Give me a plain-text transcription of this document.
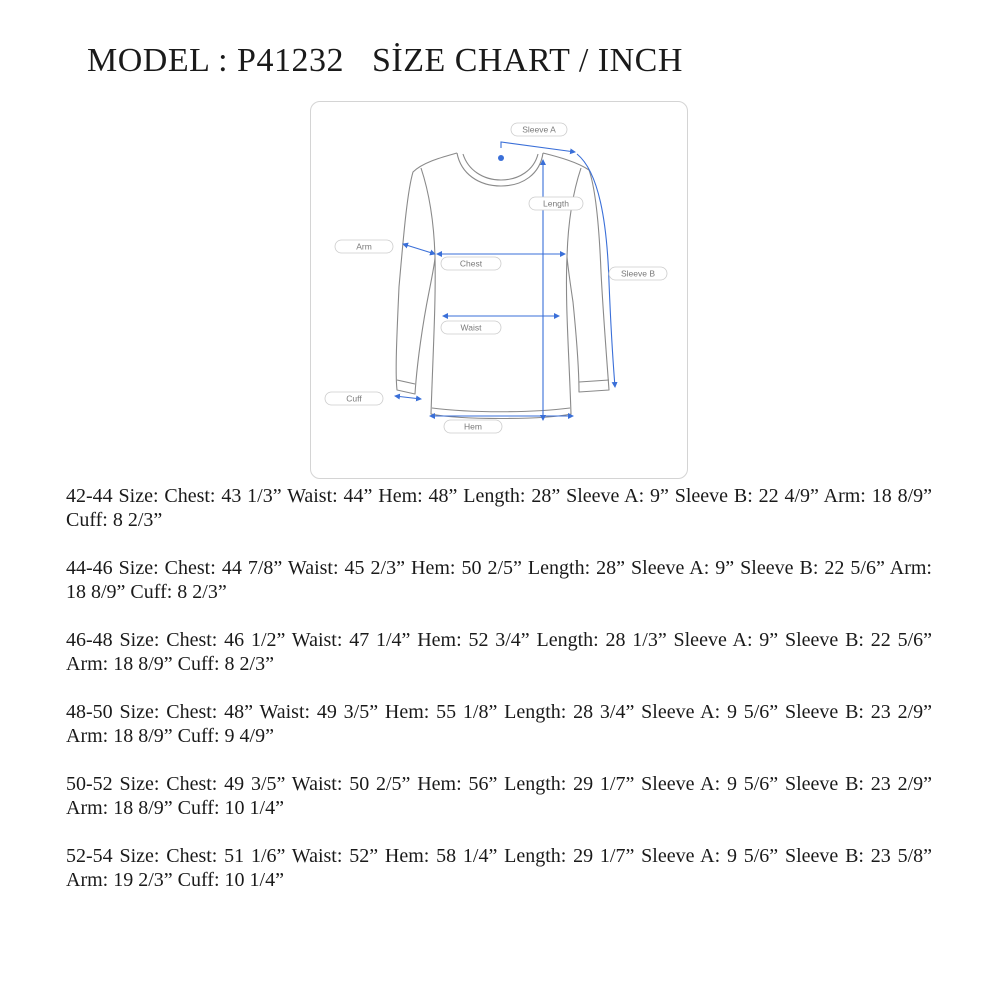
MODEL : P41232 SİZE CHART / INCH
Sleeve A
Length
Arm
Chest
Sleeve B
Waist
Cuff
Hem

42-44 Size: Chest: 43 1/3” Waist: 44” Hem: 48” Length: 28” Sleeve A: 9” Sleeve B: 22 4/9” Arm: 18 8/9” Cuff: 8 2/3”

44-46 Size: Chest: 44 7/8” Waist: 45 2/3” Hem: 50 2/5” Length: 28” Sleeve A: 9” Sleeve B: 22 5/6” Arm: 18 8/9” Cuff: 8 2/3”

46-48 Size: Chest: 46 1/2” Waist: 47 1/4” Hem: 52 3/4” Length: 28 1/3” Sleeve A: 9” Sleeve B: 22 5/6” Arm: 18 8/9” Cuff: 8 2/3”

48-50 Size: Chest: 48” Waist: 49 3/5” Hem: 55 1/8” Length: 28 3/4” Sleeve A: 9 5/6” Sleeve B: 23 2/9” Arm: 18 8/9” Cuff: 9 4/9”

50-52 Size: Chest: 49 3/5” Waist: 50 2/5” Hem: 56” Length: 29 1/7” Sleeve A: 9 5/6” Sleeve B: 23 2/9” Arm: 18 8/9” Cuff: 10 1/4”

52-54 Size: Chest: 51 1/6” Waist: 52” Hem: 58 1/4” Length: 29 1/7” Sleeve A: 9 5/6” Sleeve B: 23 5/8” Arm: 19 2/3” Cuff: 10 1/4”
